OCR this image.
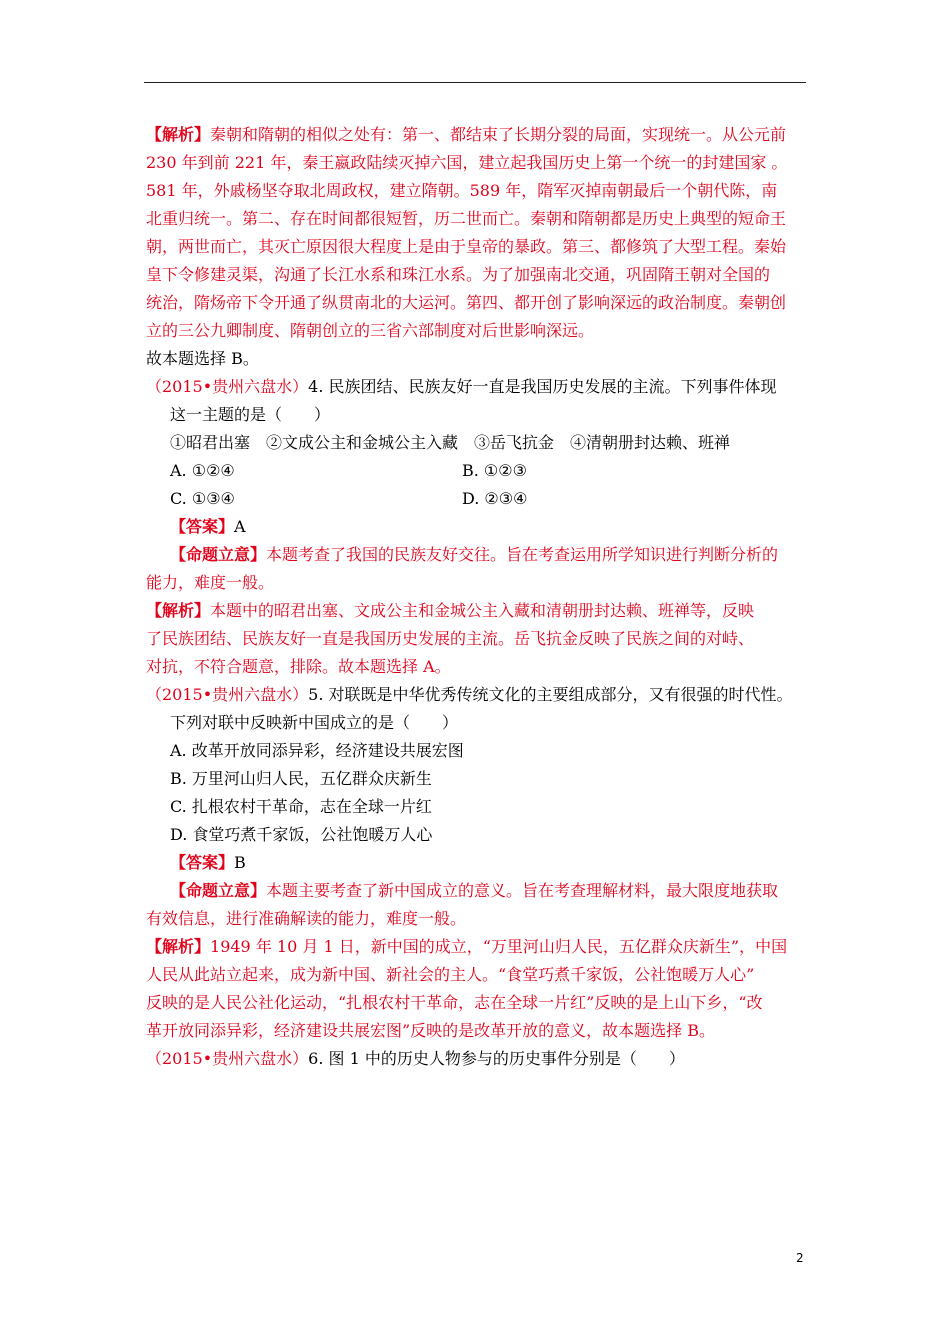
【解析】秦朝和隋朝的相似之处有：第一、都结束了长期分裂的局面，实现统一。从公元前
230 年到前 221 年，秦王嬴政陆续灭掉六国，建立起我国历史上第一个统一的封建国家 。
581 年，外戚杨坚夺取北周政权，建立隋朝。589 年，隋军灭掉南朝最后一个朝代陈，南
北重归统一。第二、存在时间都很短暂，历二世而亡。秦朝和隋朝都是历史上典型的短命王
朝，两世而亡，其灭亡原因很大程度上是由于皇帝的暴政。第三、都修筑了大型工程。秦始
皇下令修建灵渠，沟通了长江水系和珠江水系。为了加强南北交通，巩固隋王朝对全国的
统治，隋炀帝下令开通了纵贯南北的大运河。第四、都开创了影响深远的政治制度。秦朝创
立的三公九卿制度、隋朝创立的三省六部制度对后世影响深远。
故本题选择 B。
（2015•贵州六盘水）4. 民族团结、民族友好一直是我国历史发展的主流。下列事件体现
这一主题的是（　　）
①昭君出塞　②文成公主和金城公主入藏　③岳飞抗金　④清朝册封达赖、班禅
A. ①②④	B. ①②③
C. ①③④	D. ②③④
【答案】A
【命题立意】本题考查了我国的民族友好交往。旨在考查运用所学知识进行判断分析的
能力，难度一般。
【解析】本题中的昭君出塞、文成公主和金城公主入藏和清朝册封达赖、班禅等，反映
了民族团结、民族友好一直是我国历史发展的主流。岳飞抗金反映了民族之间的对峙、
对抗，不符合题意，排除。故本题选择 A。
（2015•贵州六盘水）5. 对联既是中华优秀传统文化的主要组成部分，又有很强的时代性。
下列对联中反映新中国成立的是（　　）
A. 改革开放同添异彩，经济建设共展宏图
B. 万里河山归人民，五亿群众庆新生
C. 扎根农村干革命，志在全球一片红
D. 食堂巧煮千家饭，公社饱暖万人心
【答案】B
【命题立意】本题主要考查了新中国成立的意义。旨在考查理解材料，最大限度地获取
有效信息，进行准确解读的能力，难度一般。
【解析】1949 年 10 月 1 日，新中国的成立，“万里河山归人民，五亿群众庆新生”，中国
人民从此站立起来，成为新中国、新社会的主人。“食堂巧煮千家饭，公社饱暖万人心”
反映的是人民公社化运动，“扎根农村干革命，志在全球一片红”反映的是上山下乡，“改
革开放同添异彩，经济建设共展宏图”反映的是改革开放的意义，故本题选择 B。
（2015•贵州六盘水）6. 图 1 中的历史人物参与的历史事件分别是（　　）
2
